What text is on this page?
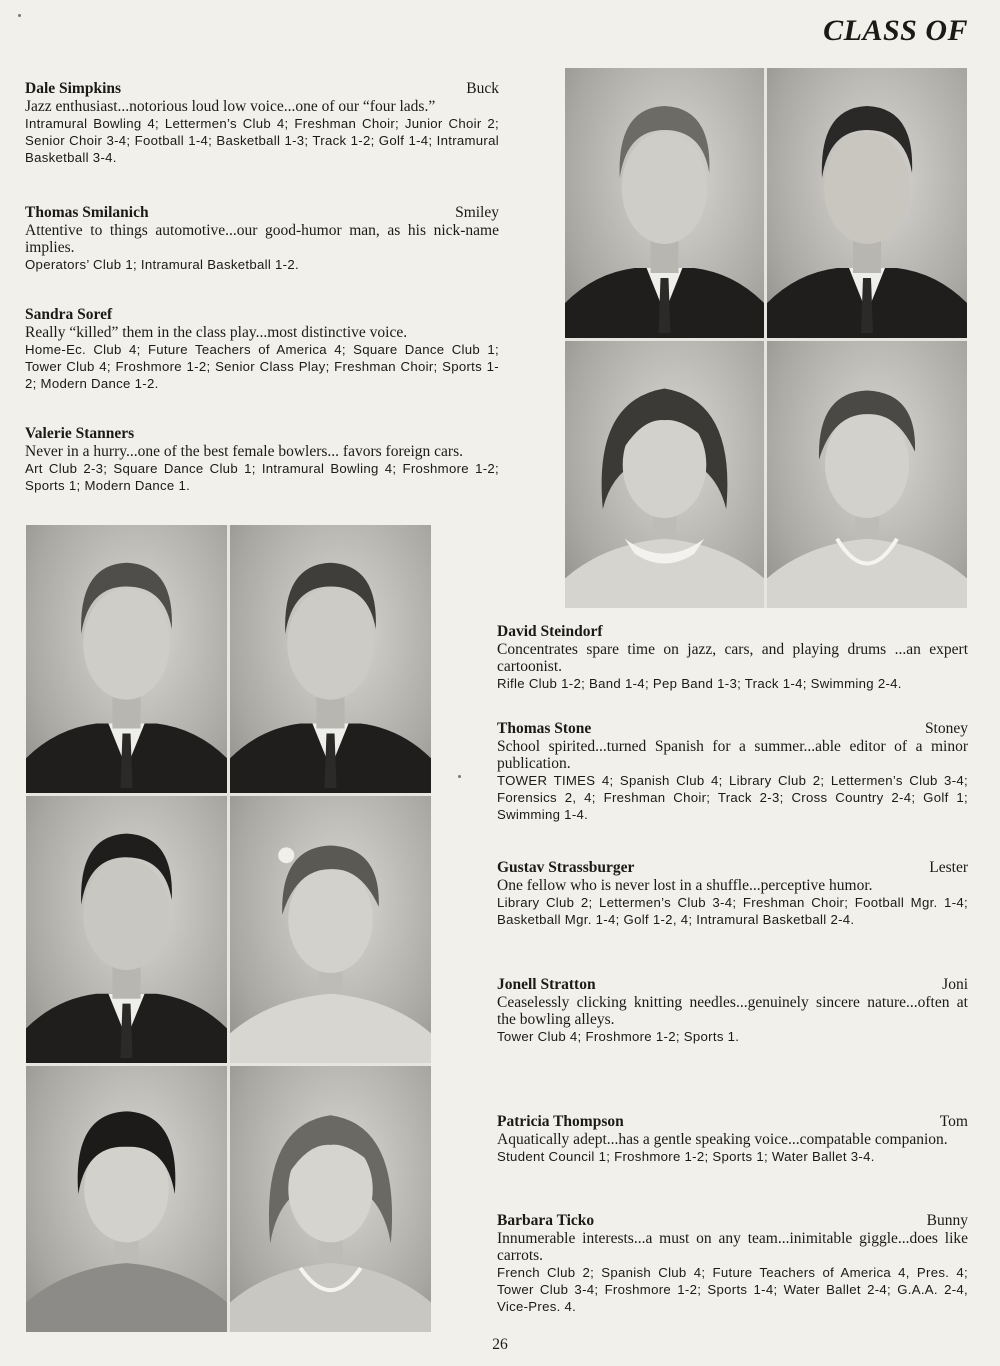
CLASS OF
Dale Simpkins	Buck
Jazz enthusiast...notorious loud low voice...one of our “four lads.”
Intramural Bowling 4; Lettermen’s Club 4; Freshman Choir; Junior Choir 2; Senior Choir 3-4; Football 1-4; Basketball 1-3; Track 1-2; Golf 1-4; Intramural Basketball 3-4.
Thomas Smilanich	Smiley
Attentive to things automotive...our good-humor man, as his nick-name implies.
Operators’ Club 1; Intramural Basketball 1-2.
Sandra Soref
Really “killed” them in the class play...most distinctive voice.
Home-Ec. Club 4; Future Teachers of America 4; Square Dance Club 1; Tower Club 4; Froshmore 1-2; Senior Class Play; Freshman Choir; Sports 1-2; Modern Dance 1-2.
Valerie Stanners
Never in a hurry...one of the best female bowlers... favors foreign cars.
Art Club 2-3; Square Dance Club 1; Intramural Bowling 4; Froshmore 1-2; Sports 1; Modern Dance 1.
David Steindorf
Concentrates spare time on jazz, cars, and playing drums ...an expert cartoonist.
Rifle Club 1-2; Band 1-4; Pep Band 1-3; Track 1-4; Swimming 2-4.
Thomas Stone	Stoney
School spirited...turned Spanish for a summer...able editor of a minor publication.
TOWER TIMES 4; Spanish Club 4; Library Club 2; Lettermen’s Club 3-4; Forensics 2, 4; Freshman Choir; Track 2-3; Cross Country 2-4; Golf 1; Swimming 1-4.
Gustav Strassburger	Lester
One fellow who is never lost in a shuffle...perceptive humor.
Library Club 2; Lettermen’s Club 3-4; Freshman Choir; Football Mgr. 1-4; Basketball Mgr. 1-4; Golf 1-2, 4; Intramural Basketball 2-4.
Jonell Stratton	Joni
Ceaselessly clicking knitting needles...genuinely sincere nature...often at the bowling alleys.
Tower Club 4; Froshmore 1-2; Sports 1.
Patricia Thompson	Tom
Aquatically adept...has a gentle speaking voice...compatable companion.
Student Council 1; Froshmore 1-2; Sports 1; Water Ballet 3-4.
Barbara Ticko	Bunny
Innumerable interests...a must on any team...inimitable giggle...does like carrots.
French Club 2; Spanish Club 4; Future Teachers of America 4, Pres. 4; Tower Club 3-4; Froshmore 1-2; Sports 1-4; Water Ballet 2-4; G.A.A. 2-4, Vice-Pres. 4.
26
